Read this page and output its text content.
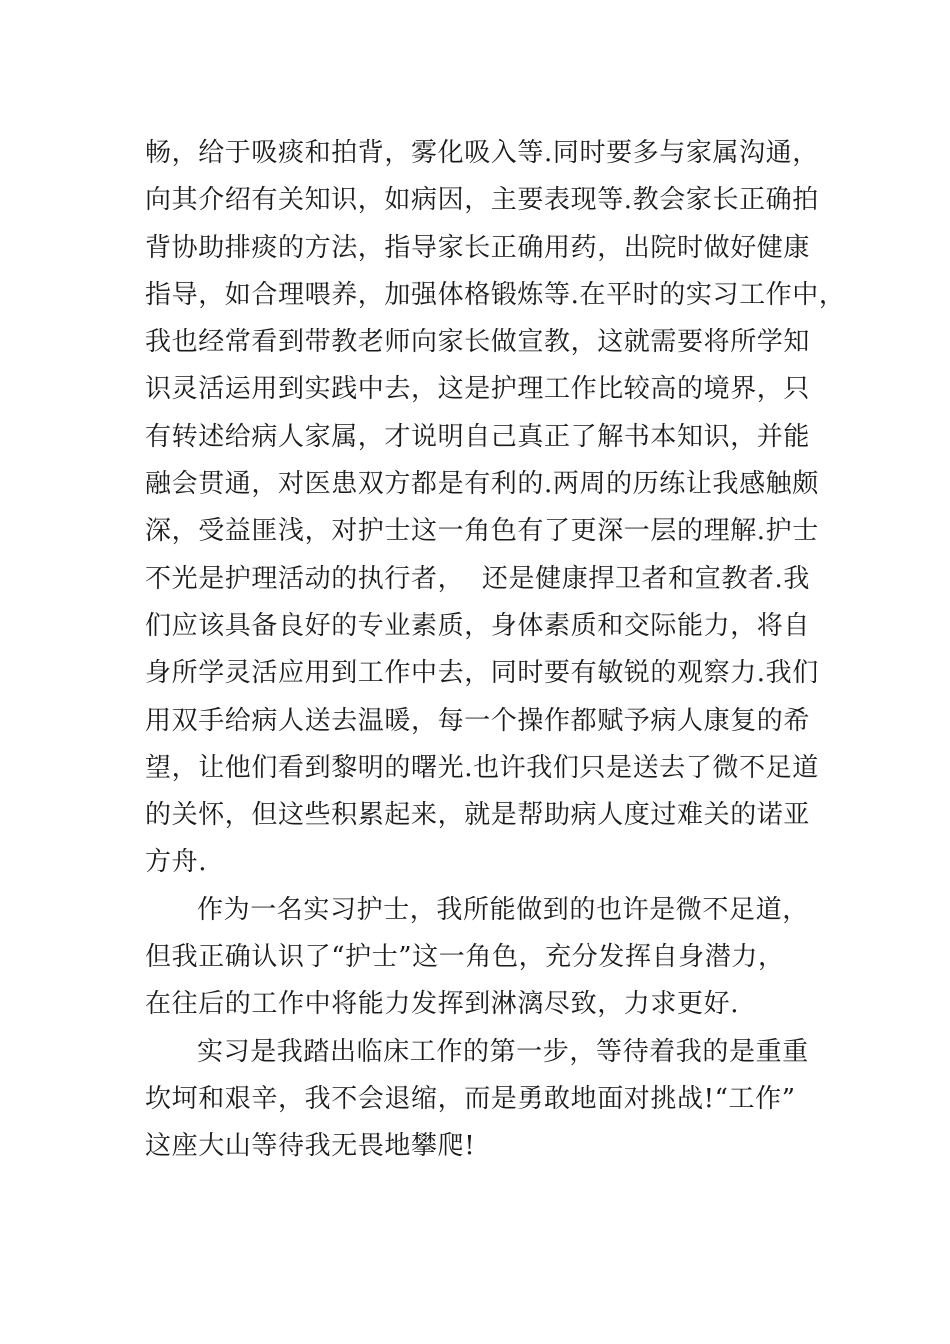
畅，给于吸痰和拍背，雾化吸入等.同时要多与家属沟通，
向其介绍有关知识，如病因，主要表现等.教会家长正确拍
背协助排痰的方法，指导家长正确用药，出院时做好健康
指导，如合理喂养，加强体格锻炼等.在平时的实习工作中，
我也经常看到带教老师向家长做宣教，这就需要将所学知
识灵活运用到实践中去，这是护理工作比较高的境界，只
有转述给病人家属，才说明自己真正了解书本知识，并能
融会贯通，对医患双方都是有利的.两周的历练让我感触颇
深，受益匪浅，对护士这一角色有了更深一层的理解.护士
不光是护理活动的执行者，  还是健康捍卫者和宣教者.我
们应该具备良好的专业素质，身体素质和交际能力，将自
身所学灵活应用到工作中去，同时要有敏锐的观察力.我们
用双手给病人送去温暖，每一个操作都赋予病人康复的希
望，让他们看到黎明的曙光.也许我们只是送去了微不足道
的关怀，但这些积累起来，就是帮助病人度过难关的诺亚
方舟.
作为一名实习护士，我所能做到的也许是微不足道，
但我正确认识了“护士”这一角色，充分发挥自身潜力，
在往后的工作中将能力发挥到淋漓尽致，力求更好.
实习是我踏出临床工作的第一步，等待着我的是重重
坎坷和艰辛，我不会退缩，而是勇敢地面对挑战!“工作”
这座大山等待我无畏地攀爬!
